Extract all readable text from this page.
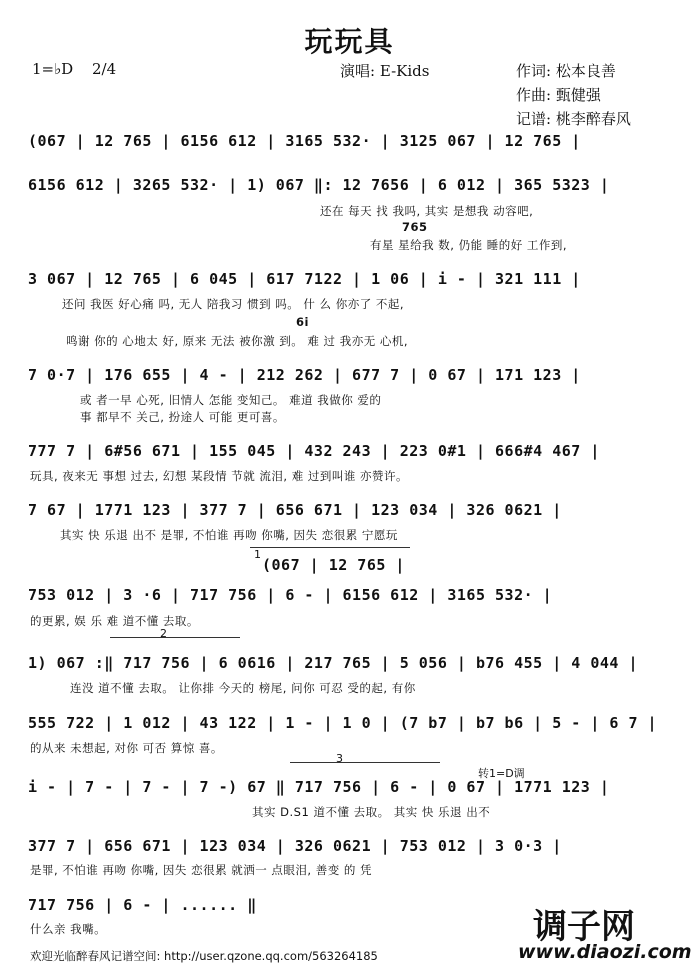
玩玩具
1=♭D 2/4	演唱: E-Kids	作词: 松本良善
作曲: 甄健强
记谱: 桃李醉春风
(067 | 12 765 | 6156 612 | 3165 532· | 3125 067 | 12 765 |
6156 612 | 3265 532· | 1) 067 ‖: 12 7656 | 6 012 | 365 5323 |
还在 每天 找 我吗, 其实 是想我 动容吧,
765
有星 星给我 数, 仍能 睡的好 工作到,
3 067 | 12 765 | 6 045 | 617 7122 | 1 06 | i - | 321 111 |
还问 我医 好心痛 吗, 无人 陪我习 惯到 吗。 什 么 你亦了 不起,
6i
鸣谢 你的 心地太 好, 原来 无法 被你激 到。 难 过 我亦无 心机,
7 0·7 | 176 655 | 4 - | 212 262 | 677 7 | 0 67 | 171 123 |
或 者一早 心死, 旧情人 怎能 变知己。 难道 我做你 爱的
事 都早不 关己, 扮途人 可能 更可喜。
777 7 | 6#56 671 | 155 045 | 432 243 | 223 0#1 | 666#4 467 |
玩具, 夜来无 事想 过去, 幻想 某段情 节就 流泪, 难 过到叫谁 亦赞许。
7 67 | 1771 123 | 377 7 | 656 671 | 123 034 | 326 0621 |
其实 快 乐退 出不 是罪, 不怕谁 再吻 你嘴, 因失 恋很累 宁愿玩
1
(067 | 12 765 |
753 012 | 3 ·6 | 717 756 | 6 - | 6156 612 | 3165 532· |
的更累, 娱 乐 难 道不懂 去取。
2
1) 067 :‖ 717 756 | 6 0616 | 217 765 | 5 056 | b76 455 | 4 044 |
连没 道不懂 去取。 让你排 今天的 榜尾, 问你 可忍 受的起, 有你
555 722 | 1 012 | 43 122 | 1 - | 1 0 | (7 b7 | b7 b6 | 5 - | 6 7 |
的从来 未想起, 对你 可否 算惊 喜。
3
转1=D调
i - | 7 - | 7 - | 7 -) 67 ‖ 717 756 | 6 - | 0 67 | 1771 123 |
其实 D.S1 道不懂 去取。 其实 快 乐退 出不
377 7 | 656 671 | 123 034 | 326 0621 | 753 012 | 3 0·3 |
是罪, 不怕谁 再吻 你嘴, 因失 恋很累 就洒一 点眼泪, 善变 的 凭
717 756 | 6 - | ...... ‖
什么亲 我嘴。	调子网
www.diaozi.com
欢迎光临醉春风记谱空间: http://user.qzone.qq.com/563264185
